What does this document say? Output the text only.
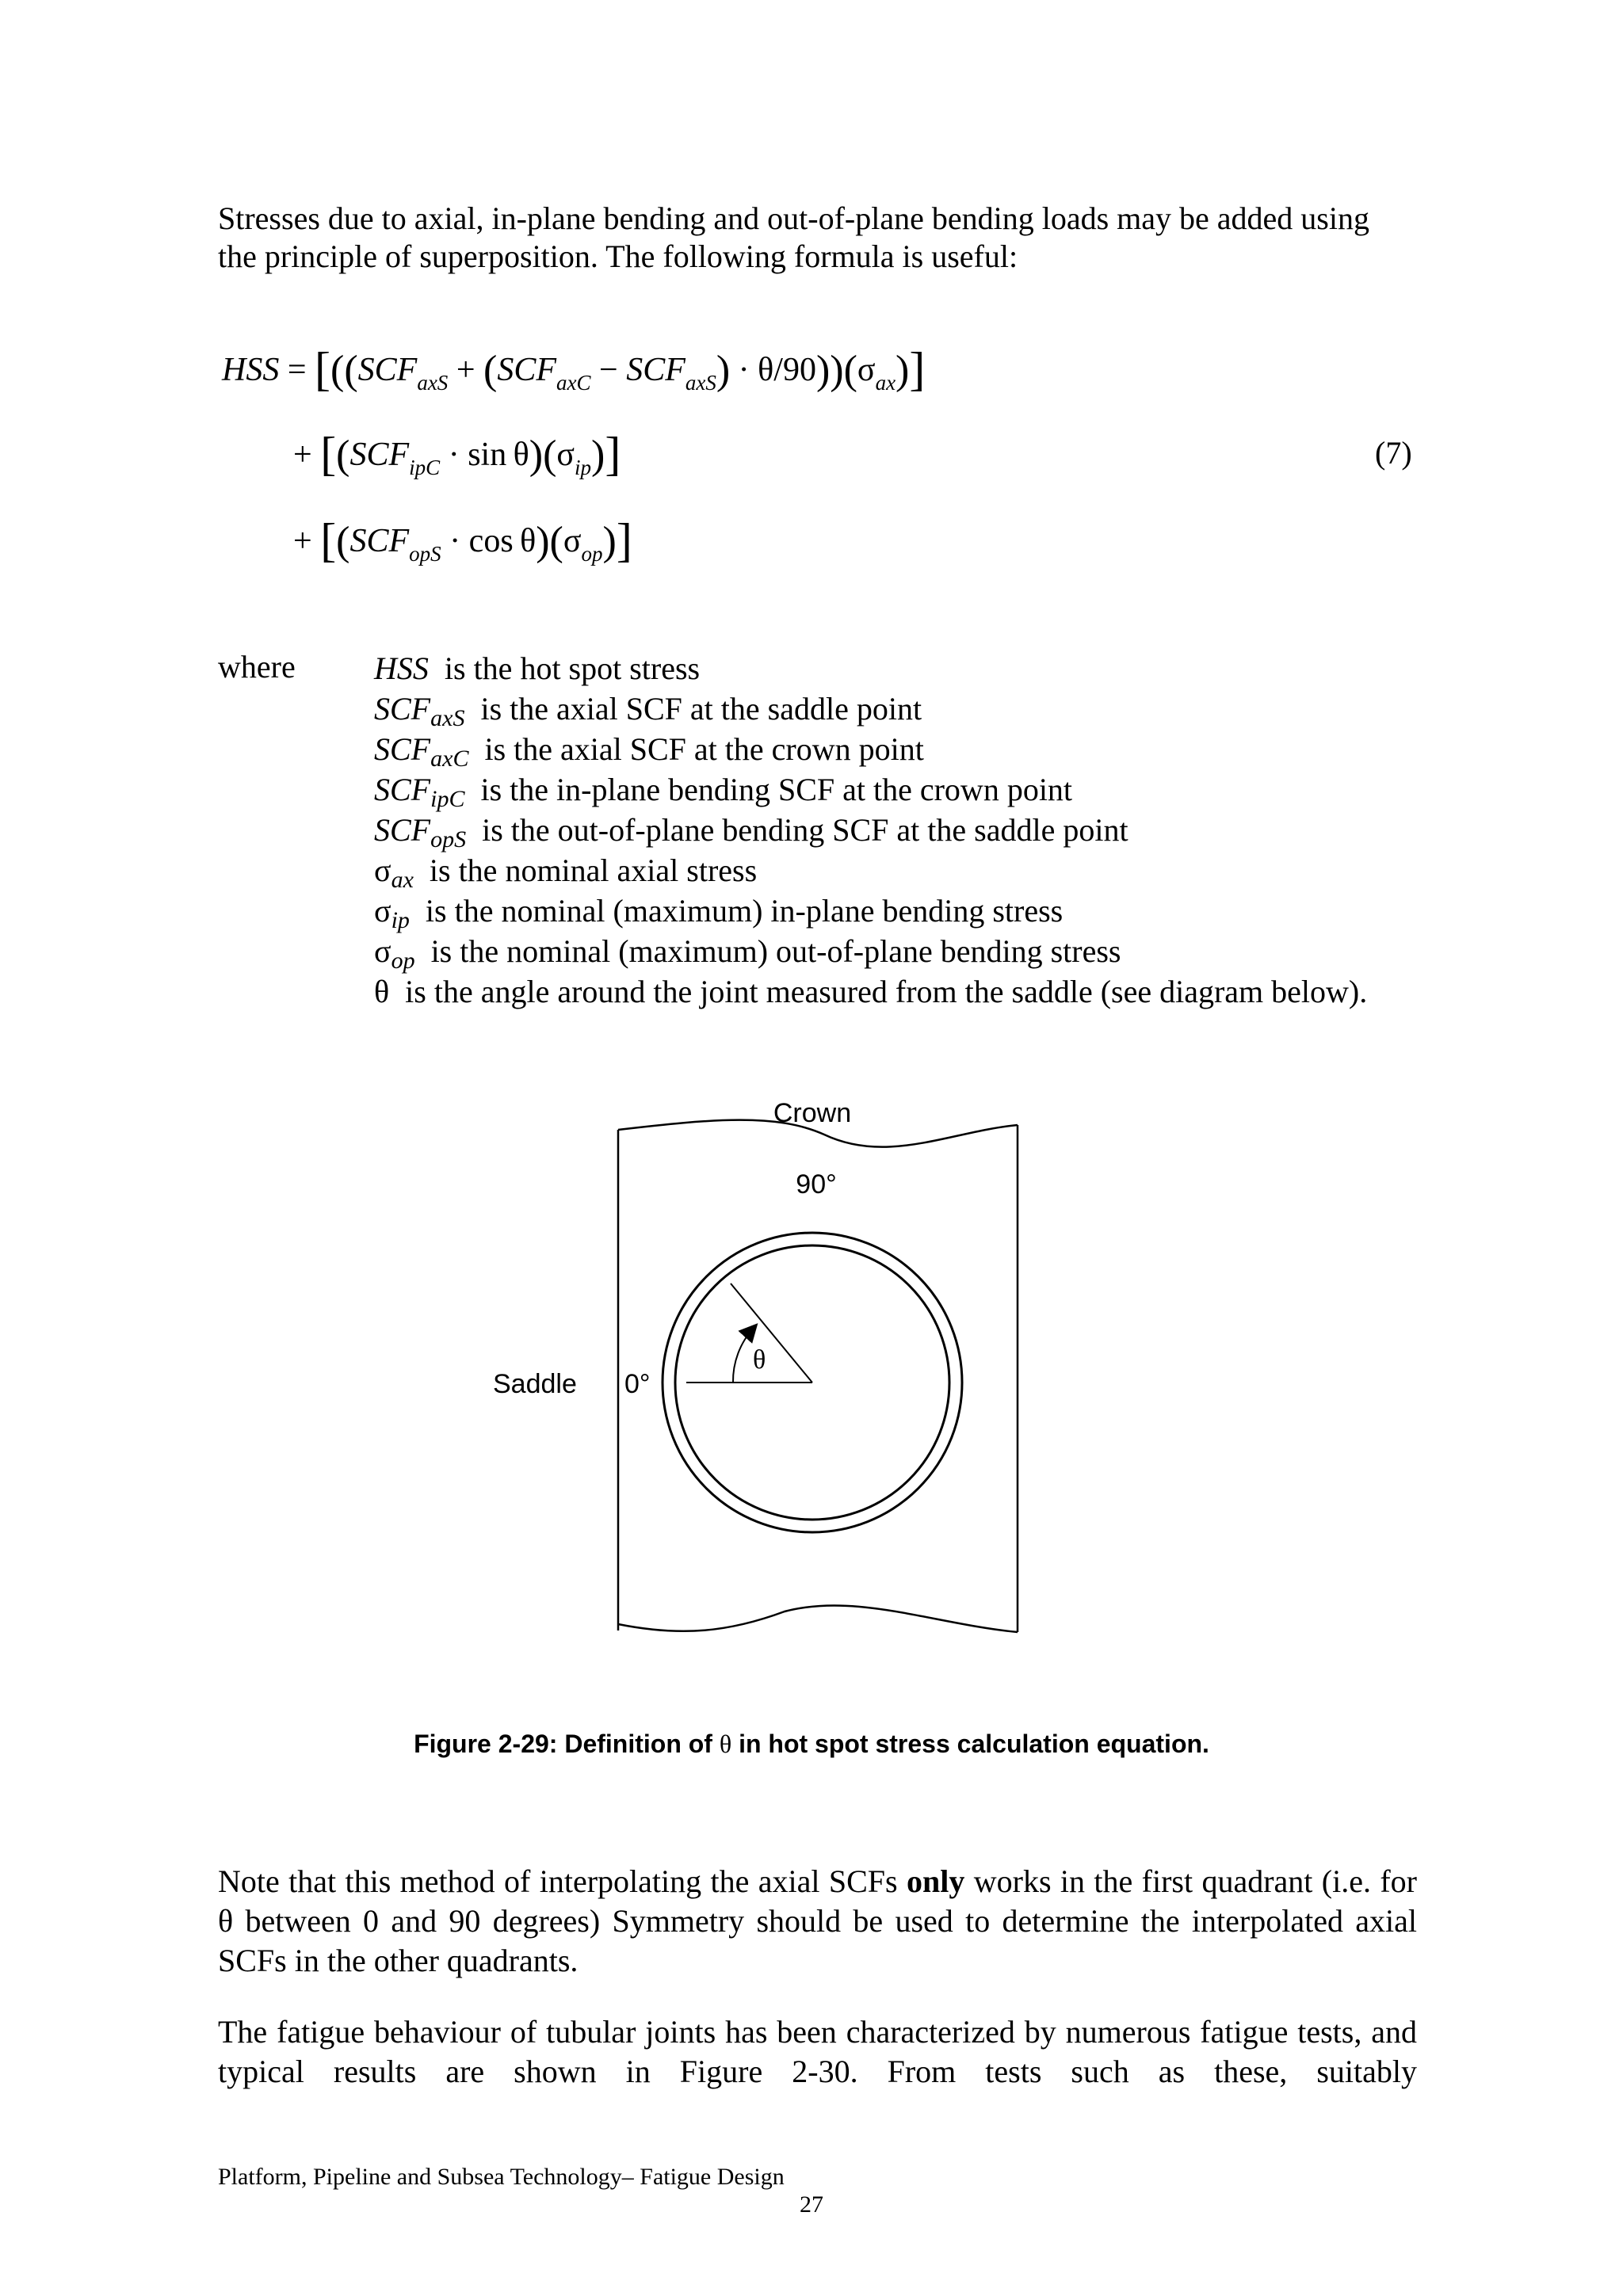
Stresses due to axial, in-plane bending and out-of-plane bending loads may be added using
the principle of superposition. The following formula is useful:
HSS = $[((SCF_{axS} + (SCF_{axC} - SCF_{axS}) \cdot \theta/90))(\sigma_{ax})]$
+ $[(SCF_{ipC} \cdot \sin \theta)(\sigma_{ip})]$	(7)
+ $[(SCF_{opS} \cdot \cos \theta)(\sigma_{op})]$
where HSS  is the hot spot stress
$SCF_{axS}$  is the axial SCF at the saddle point
$SCF_{axC}$  is the axial SCF at the crown point
$SCF_{ipC}$  is the in-plane bending SCF at the crown point
$SCF_{opS}$  is the out-of-plane bending SCF at the saddle point
$\sigma_{ax}$  is the nominal axial stress
$\sigma_{ip}$  is the nominal (maximum) in-plane bending stress
$\sigma_{op}$  is the nominal (maximum) out-of-plane bending stress
θ  is the angle around the joint measured from the saddle (see diagram below).
Crown
90°
Saddle 0°
θ
Figure 2-29: Definition of θ in hot spot stress calculation equation.
Note that this method of interpolating the axial SCFs only works in the first quadrant (i.e. for θ between 0 and 90 degrees) Symmetry should be used to determine the interpolated axial SCFs in the other quadrants.
The fatigue behaviour of tubular joints has been characterized by numerous fatigue tests, and typical results are shown in Figure 2-30. From tests such as these, suitably
Platform, Pipeline and Subsea Technology– Fatigue Design
27
